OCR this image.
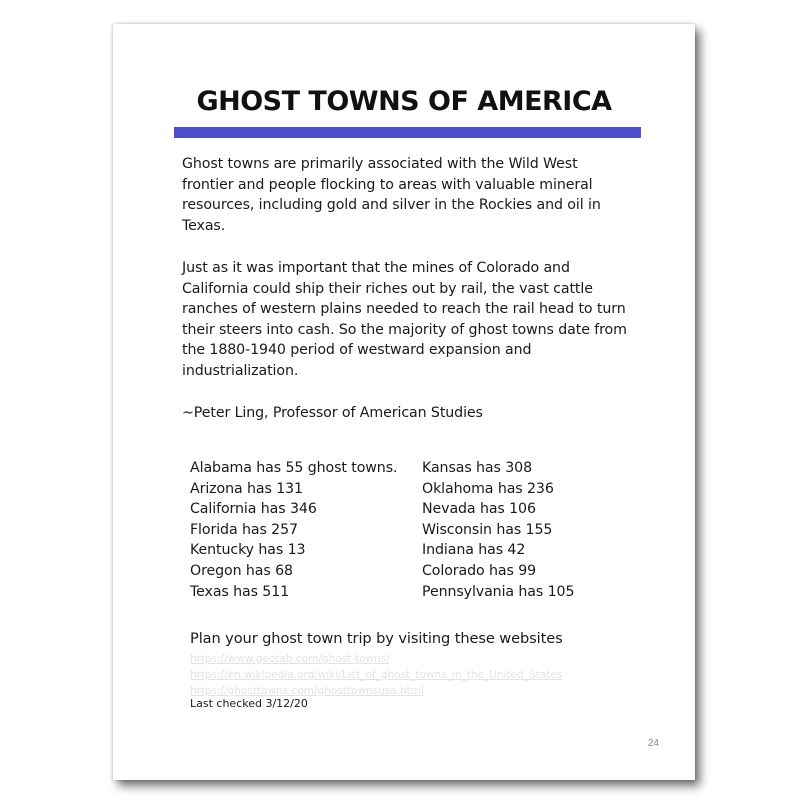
GHOST TOWNS OF AMERICA

Ghost towns are primarily associated with the Wild West frontier and people flocking to areas with valuable mineral resources, including gold and silver in the Rockies and oil in Texas.

Just as it was important that the mines of Colorado and California could ship their riches out by rail, the vast cattle ranches of western plains needed to reach the rail head to turn their steers into cash. So the majority of ghost towns date from the 1880-1940 period of westward expansion and industrialization.

~Peter Ling, Professor of American Studies

Alabama has 55 ghost towns.
Arizona has 131
California has 346
Florida has 257
Kentucky has 13
Oregon has 68
Texas has 511
Kansas has 308
Oklahoma has 236
Nevada has 106
Wisconsin has 155
Indiana has 42
Colorado has 99
Pennsylvania has 105

Plan your ghost town trip by visiting these websites

https://www.geotab.com/ghost-towns/
https://en.wikipedia.org/wiki/List_of_ghost_towns_in_the_United_States
https://ghosttowns.com/ghosttownsusa.html

Last checked 3/12/20

24
